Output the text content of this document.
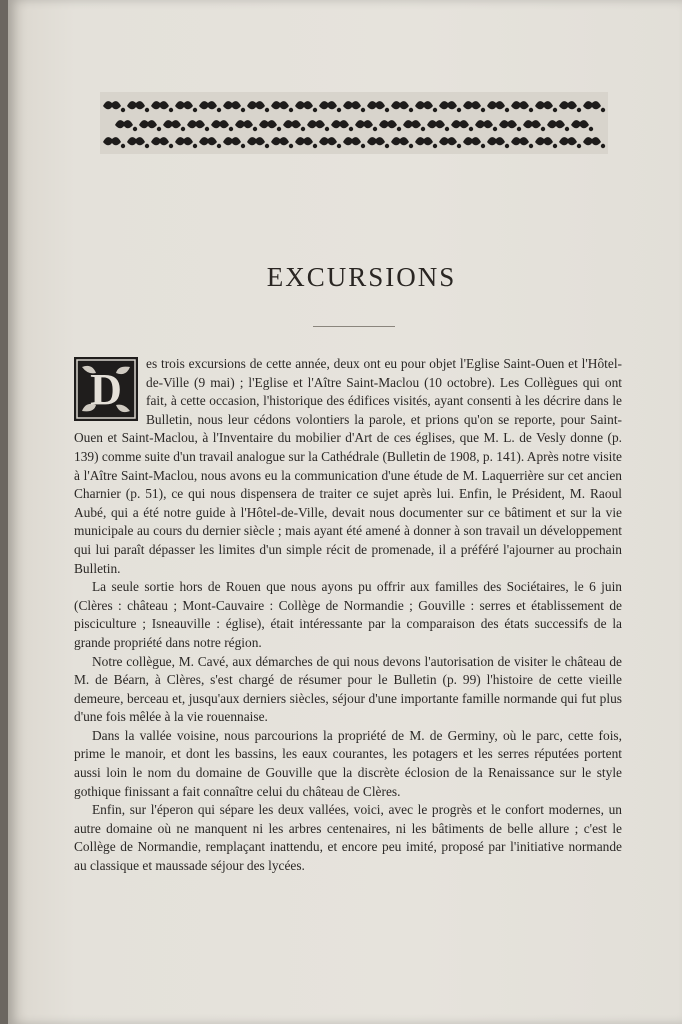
EXCURSIONS

D
es trois excursions de cette année, deux ont eu pour objet l'Eglise Saint-Ouen et l'Hôtel-de-Ville (9 mai) ; l'Eglise et l'Aître Saint-Maclou (10 octobre). Les Collègues qui ont fait, à cette occasion, l'historique des édifices visités, ayant consenti à les décrire dans le Bulletin, nous leur cédons volontiers la parole, et prions qu'on se reporte, pour Saint-Ouen et Saint-Maclou, à l'Inventaire du mobilier d'Art de ces églises, que M. L. de Vesly donne (p. 139) comme suite d'un travail analogue sur la Cathédrale (Bulletin de 1908, p. 141). Après notre visite à l'Aître Saint-Maclou, nous avons eu la communication d'une étude de M. Laquerrière sur cet ancien Charnier (p. 51), ce qui nous dispensera de traiter ce sujet après lui. Enfin, le Président, M. Raoul Aubé, qui a été notre guide à l'Hôtel-de-Ville, devait nous documenter sur ce bâtiment et sur la vie municipale au cours du dernier siècle ; mais ayant été amené à donner à son travail un développement qui lui paraît dépasser les limites d'un simple récit de promenade, il a préféré l'ajourner au prochain Bulletin.

La seule sortie hors de Rouen que nous ayons pu offrir aux familles des Sociétaires, le 6 juin (Clères : château ; Mont-Cauvaire : Collège de Normandie ; Gouville : serres et établissement de pisciculture ; Isneauville : église), était intéressante par la comparaison des états successifs de la grande propriété dans notre région.

Notre collègue, M. Cavé, aux démarches de qui nous devons l'autorisation de visiter le château de M. de Béarn, à Clères, s'est chargé de résumer pour le Bulletin (p. 99) l'histoire de cette vieille demeure, berceau et, jusqu'aux derniers siècles, séjour d'une importante famille normande qui fut plus d'une fois mêlée à la vie rouennaise.

Dans la vallée voisine, nous parcourions la propriété de M. de Germiny, où le parc, cette fois, prime le manoir, et dont les bassins, les eaux courantes, les potagers et les serres réputées portent aussi loin le nom du domaine de Gouville que la discrète éclosion de la Renaissance sur le style gothique finissant a fait connaître celui du château de Clères.

Enfin, sur l'éperon qui sépare les deux vallées, voici, avec le progrès et le confort modernes, un autre domaine où ne manquent ni les arbres centenaires, ni les bâtiments de belle allure ; c'est le Collège de Normandie, remplaçant inattendu, et encore peu imité, proposé par l'initiative normande au classique et maussade séjour des lycées.
